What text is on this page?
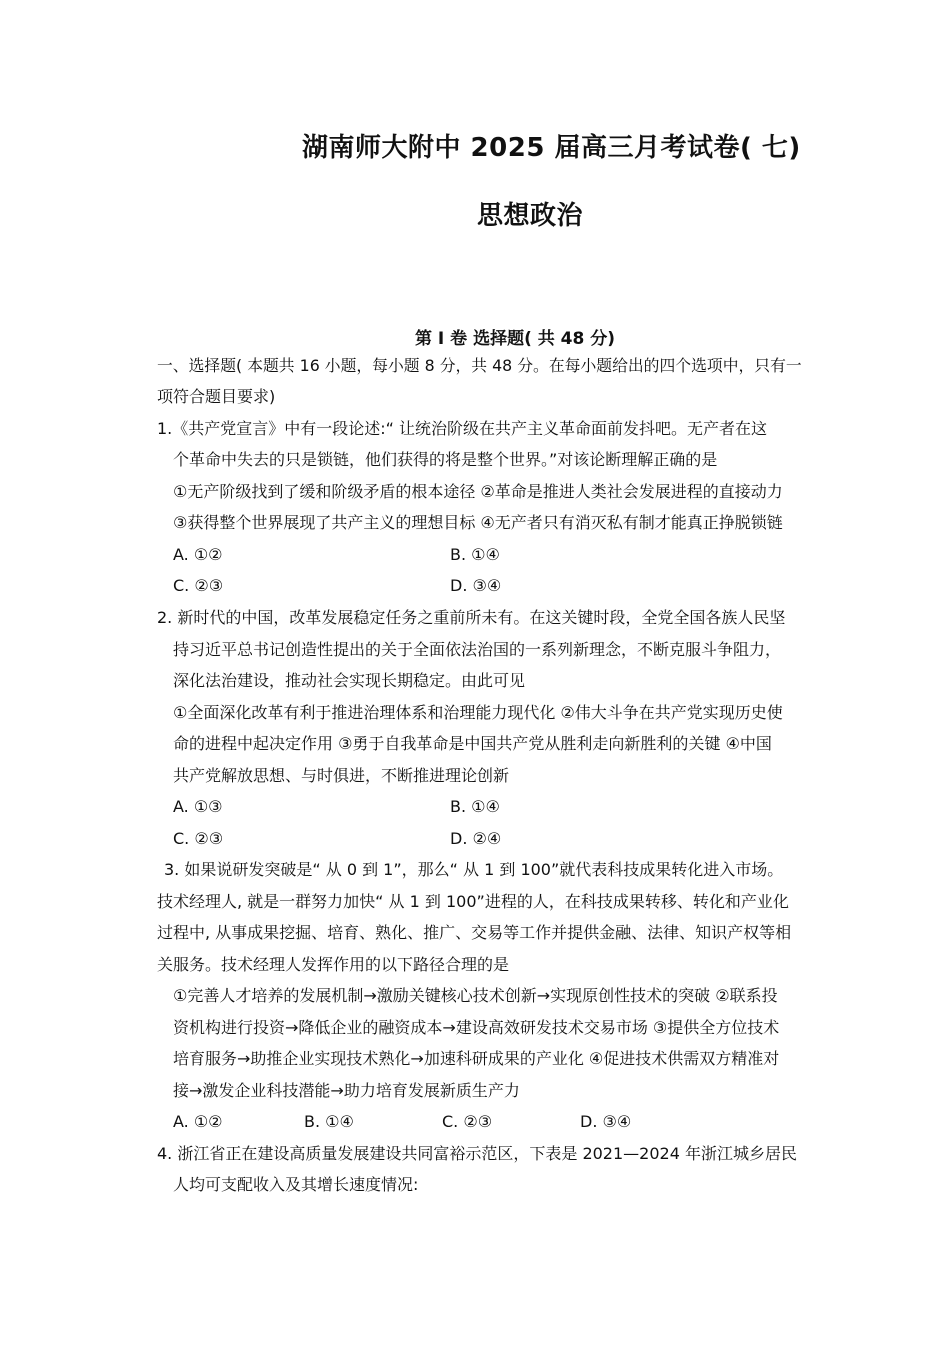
湖南师大附中 2025 届高三月考试卷( 七)
思想政治
第 Ⅰ 卷 选择题( 共 48 分)
一、选择题( 本题共 16 小题，每小题 8 分，共 48 分。在每小题给出的四个选项中，只有一
项符合题目要求)
1.《共产党宣言》中有一段论述:“ 让统治阶级在共产主义革命面前发抖吧。无产者在这
个革命中失去的只是锁链，他们获得的将是整个世界。”对该论断理解正确的是
①无产阶级找到了缓和阶级矛盾的根本途径 ②革命是推进人类社会发展进程的直接动力
③获得整个世界展现了共产主义的理想目标 ④无产者只有消灭私有制才能真正挣脱锁链
A. ①②	B. ①④
C. ②③	D. ③④
2. 新时代的中国，改革发展稳定任务之重前所未有。在这关键时段，全党全国各族人民坚
持习近平总书记创造性提出的关于全面依法治国的一系列新理念，不断克服斗争阻力，
深化法治建设，推动社会实现长期稳定。由此可见
①全面深化改革有利于推进治理体系和治理能力现代化 ②伟大斗争在共产党实现历史使
命的进程中起决定作用 ③勇于自我革命是中国共产党从胜利走向新胜利的关键 ④中国
共产党解放思想、与时俱进，不断推进理论创新
A. ①③	B. ①④
C. ②③	D. ②④
3. 如果说研发突破是“ 从 0 到 1”，那么“ 从 1 到 100”就代表科技成果转化进入市场。
技术经理人, 就是一群努力加快“ 从 1 到 100”进程的人，在科技成果转移、转化和产业化
过程中, 从事成果挖掘、培育、熟化、推广、交易等工作并提供金融、法律、知识产权等相
关服务。技术经理人发挥作用的以下路径合理的是
①完善人才培养的发展机制→激励关键核心技术创新→实现原创性技术的突破 ②联系投
资机构进行投资→降低企业的融资成本→建设高效研发技术交易市场 ③提供全方位技术
培育服务→助推企业实现技术熟化→加速科研成果的产业化 ④促进技术供需双方精准对
接→激发企业科技潜能→助力培育发展新质生产力
A. ①②	B. ①④	C. ②③	D. ③④
4. 浙江省正在建设高质量发展建设共同富裕示范区，下表是 2021—2024 年浙江城乡居民
人均可支配收入及其增长速度情况:
